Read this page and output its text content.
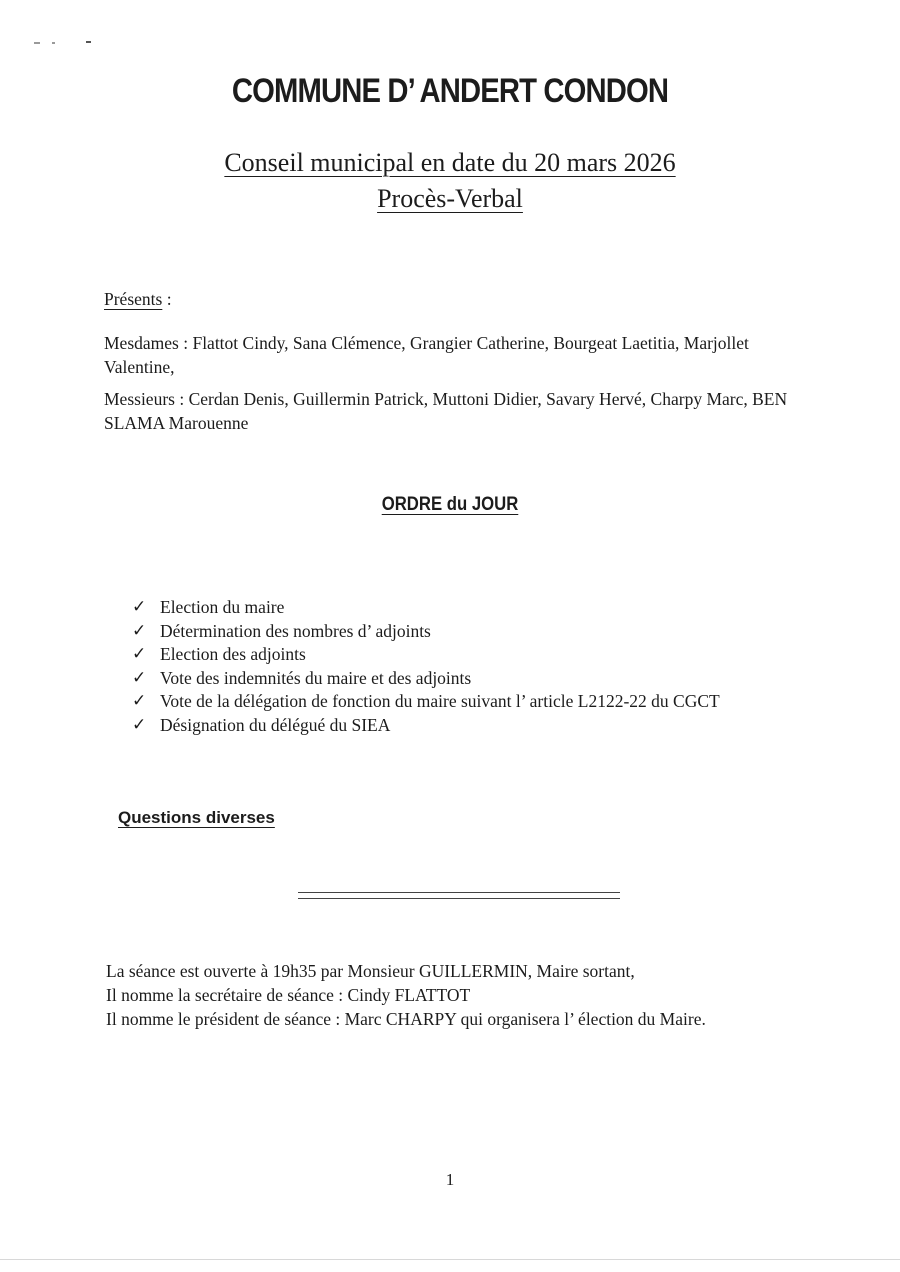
COMMUNE D’ ANDERT CONDON
Conseil municipal en date du 20 mars 2026
Procès-Verbal
Présents :
Mesdames : Flattot Cindy, Sana Clémence, Grangier Catherine, Bourgeat Laetitia, Marjollet Valentine,
Messieurs : Cerdan Denis, Guillermin Patrick, Muttoni Didier, Savary Hervé, Charpy Marc, BEN SLAMA Marouenne
ORDRE du JOUR
✓ Election du maire
✓ Détermination des nombres d’ adjoints
✓ Election des adjoints
✓ Vote des indemnités du maire et des adjoints
✓ Vote de la délégation de fonction du maire suivant l’ article L2122-22 du CGCT
✓ Désignation du délégué du SIEA
Questions diverses
La séance est ouverte à 19h35 par Monsieur GUILLERMIN, Maire sortant,
Il nomme la secrétaire de séance : Cindy FLATTOT
Il nomme le président de séance : Marc CHARPY qui organisera l’ élection du Maire.
1
